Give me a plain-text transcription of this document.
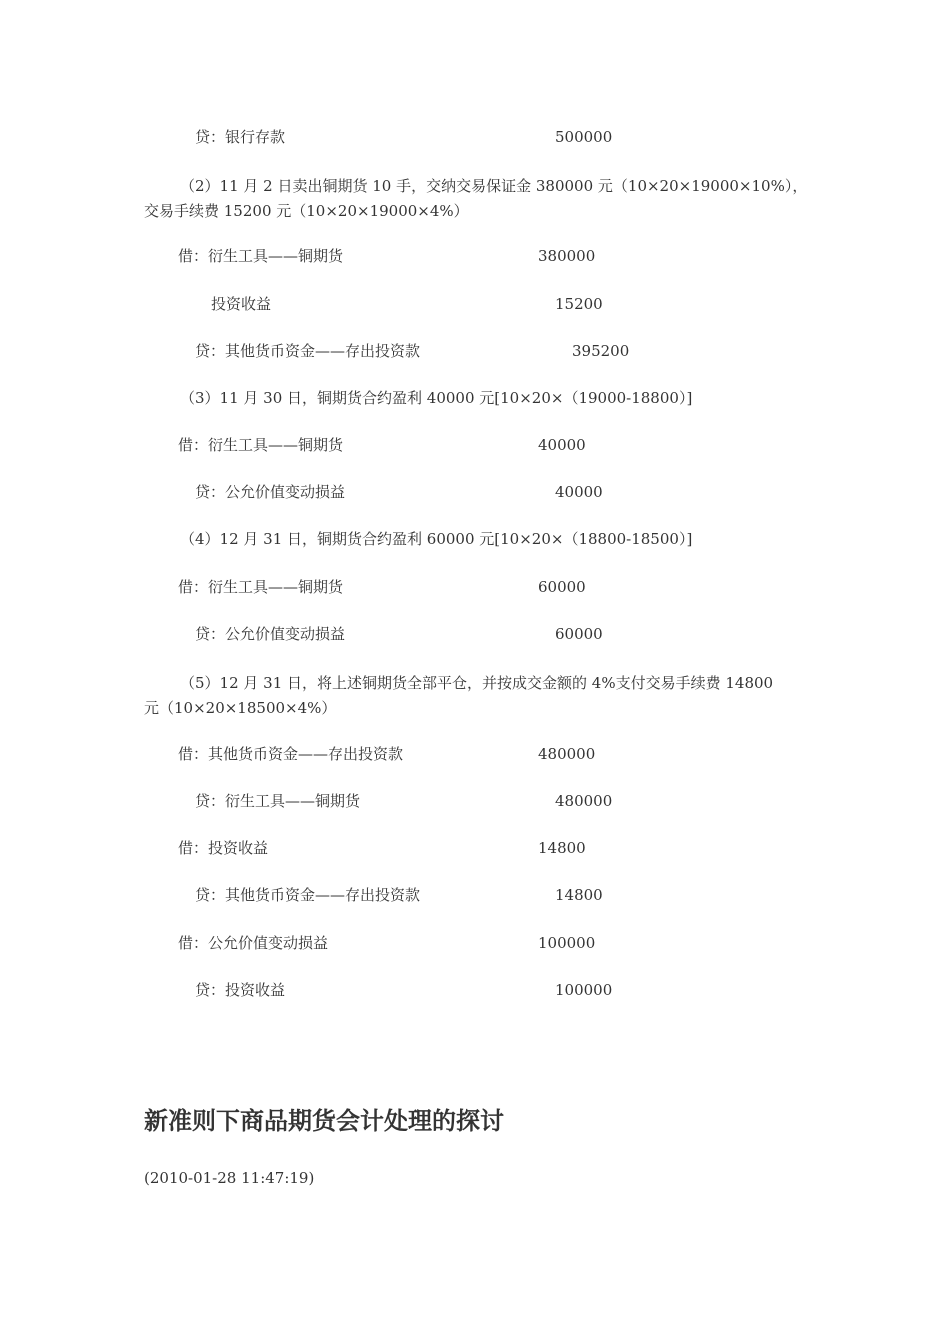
贷：银行存款	500000
（2）11 月 2 日卖出铜期货 10 手，交纳交易保证金 380000 元（10×20×19000×10%），
交易手续费 15200 元（10×20×19000×4%）
借：衍生工具——铜期货	380000
投资收益	15200
贷：其他货币资金——存出投资款	395200
（3）11 月 30 日，铜期货合约盈利 40000 元[10×20×（19000-18800）]
借：衍生工具——铜期货	40000
贷：公允价值变动损益	40000
（4）12 月 31 日，铜期货合约盈利 60000 元[10×20×（18800-18500）]
借：衍生工具——铜期货	60000
贷：公允价值变动损益	60000
（5）12 月 31 日，将上述铜期货全部平仓，并按成交金额的 4%支付交易手续费 14800
元（10×20×18500×4%）
借：其他货币资金——存出投资款	480000
贷：衍生工具——铜期货	480000
借：投资收益	14800
贷：其他货币资金——存出投资款	14800
借：公允价值变动损益	100000
贷：投资收益	100000
新准则下商品期货会计处理的探讨
(2010-01-28 11:47:19)
